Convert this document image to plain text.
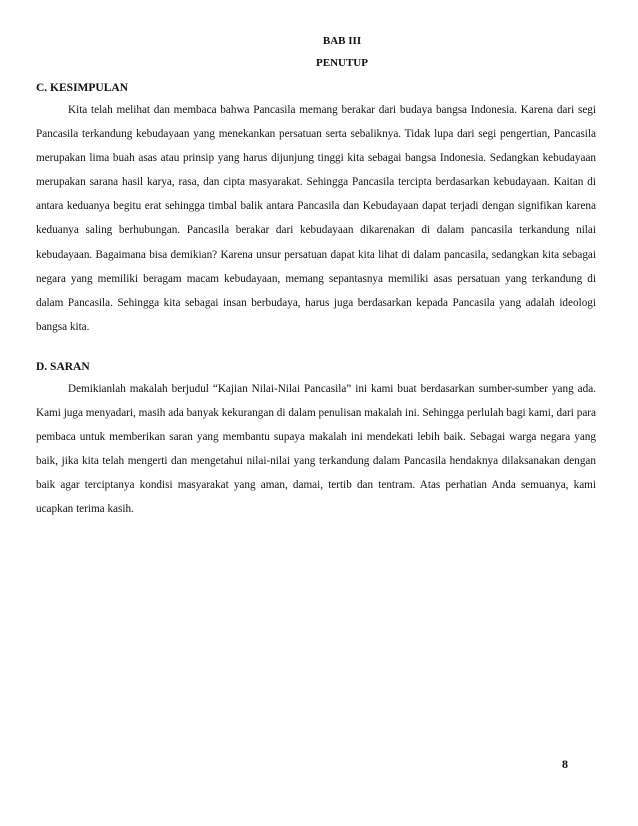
BAB III
PENUTUP
C. KESIMPULAN

Kita telah melihat dan membaca bahwa Pancasila memang berakar dari budaya bangsa Indonesia. Karena dari segi Pancasila terkandung kebudayaan yang menekankan persatuan serta sebaliknya. Tidak lupa dari segi pengertian, Pancasila merupakan lima buah asas atau prinsip yang harus dijunjung tinggi kita sebagai bangsa Indonesia. Sedangkan kebudayaan merupakan sarana hasil karya, rasa, dan cipta masyarakat. Sehingga Pancasila tercipta berdasarkan kebudayaan. Kaitan di antara keduanya begitu erat sehingga timbal balik antara Pancasila dan Kebudayaan dapat terjadi dengan signifikan karena keduanya saling berhubungan. Pancasila berakar dari kebudayaan dikarenakan di dalam pancasila terkandung nilai kebudayaan. Bagaimana bisa demikian? Karena unsur persatuan dapat kita lihat di dalam pancasila, sedangkan kita sebagai negara yang memiliki beragam macam kebudayaan, memang sepantasnya memiliki asas persatuan yang terkandung di dalam Pancasila. Sehingga kita sebagai insan berbudaya, harus juga berdasarkan kepada Pancasila yang adalah ideologi bangsa kita.

D. SARAN

Demikianlah makalah berjudul “Kajian Nilai-Nilai Pancasila” ini kami buat berdasarkan sumber-sumber yang ada. Kami juga menyadari, masih ada banyak kekurangan di dalam penulisan makalah ini. Sehingga perlulah bagi kami, dari para pembaca untuk memberikan saran yang membantu supaya makalah ini mendekati lebih baik. Sebagai warga negara yang baik, jika kita telah mengerti dan mengetahui nilai-nilai yang terkandung dalam Pancasila hendaknya dilaksanakan dengan baik agar terciptanya kondisi masyarakat yang aman, damai, tertib dan tentram. Atas perhatian Anda semuanya, kami ucapkan terima kasih.

8
